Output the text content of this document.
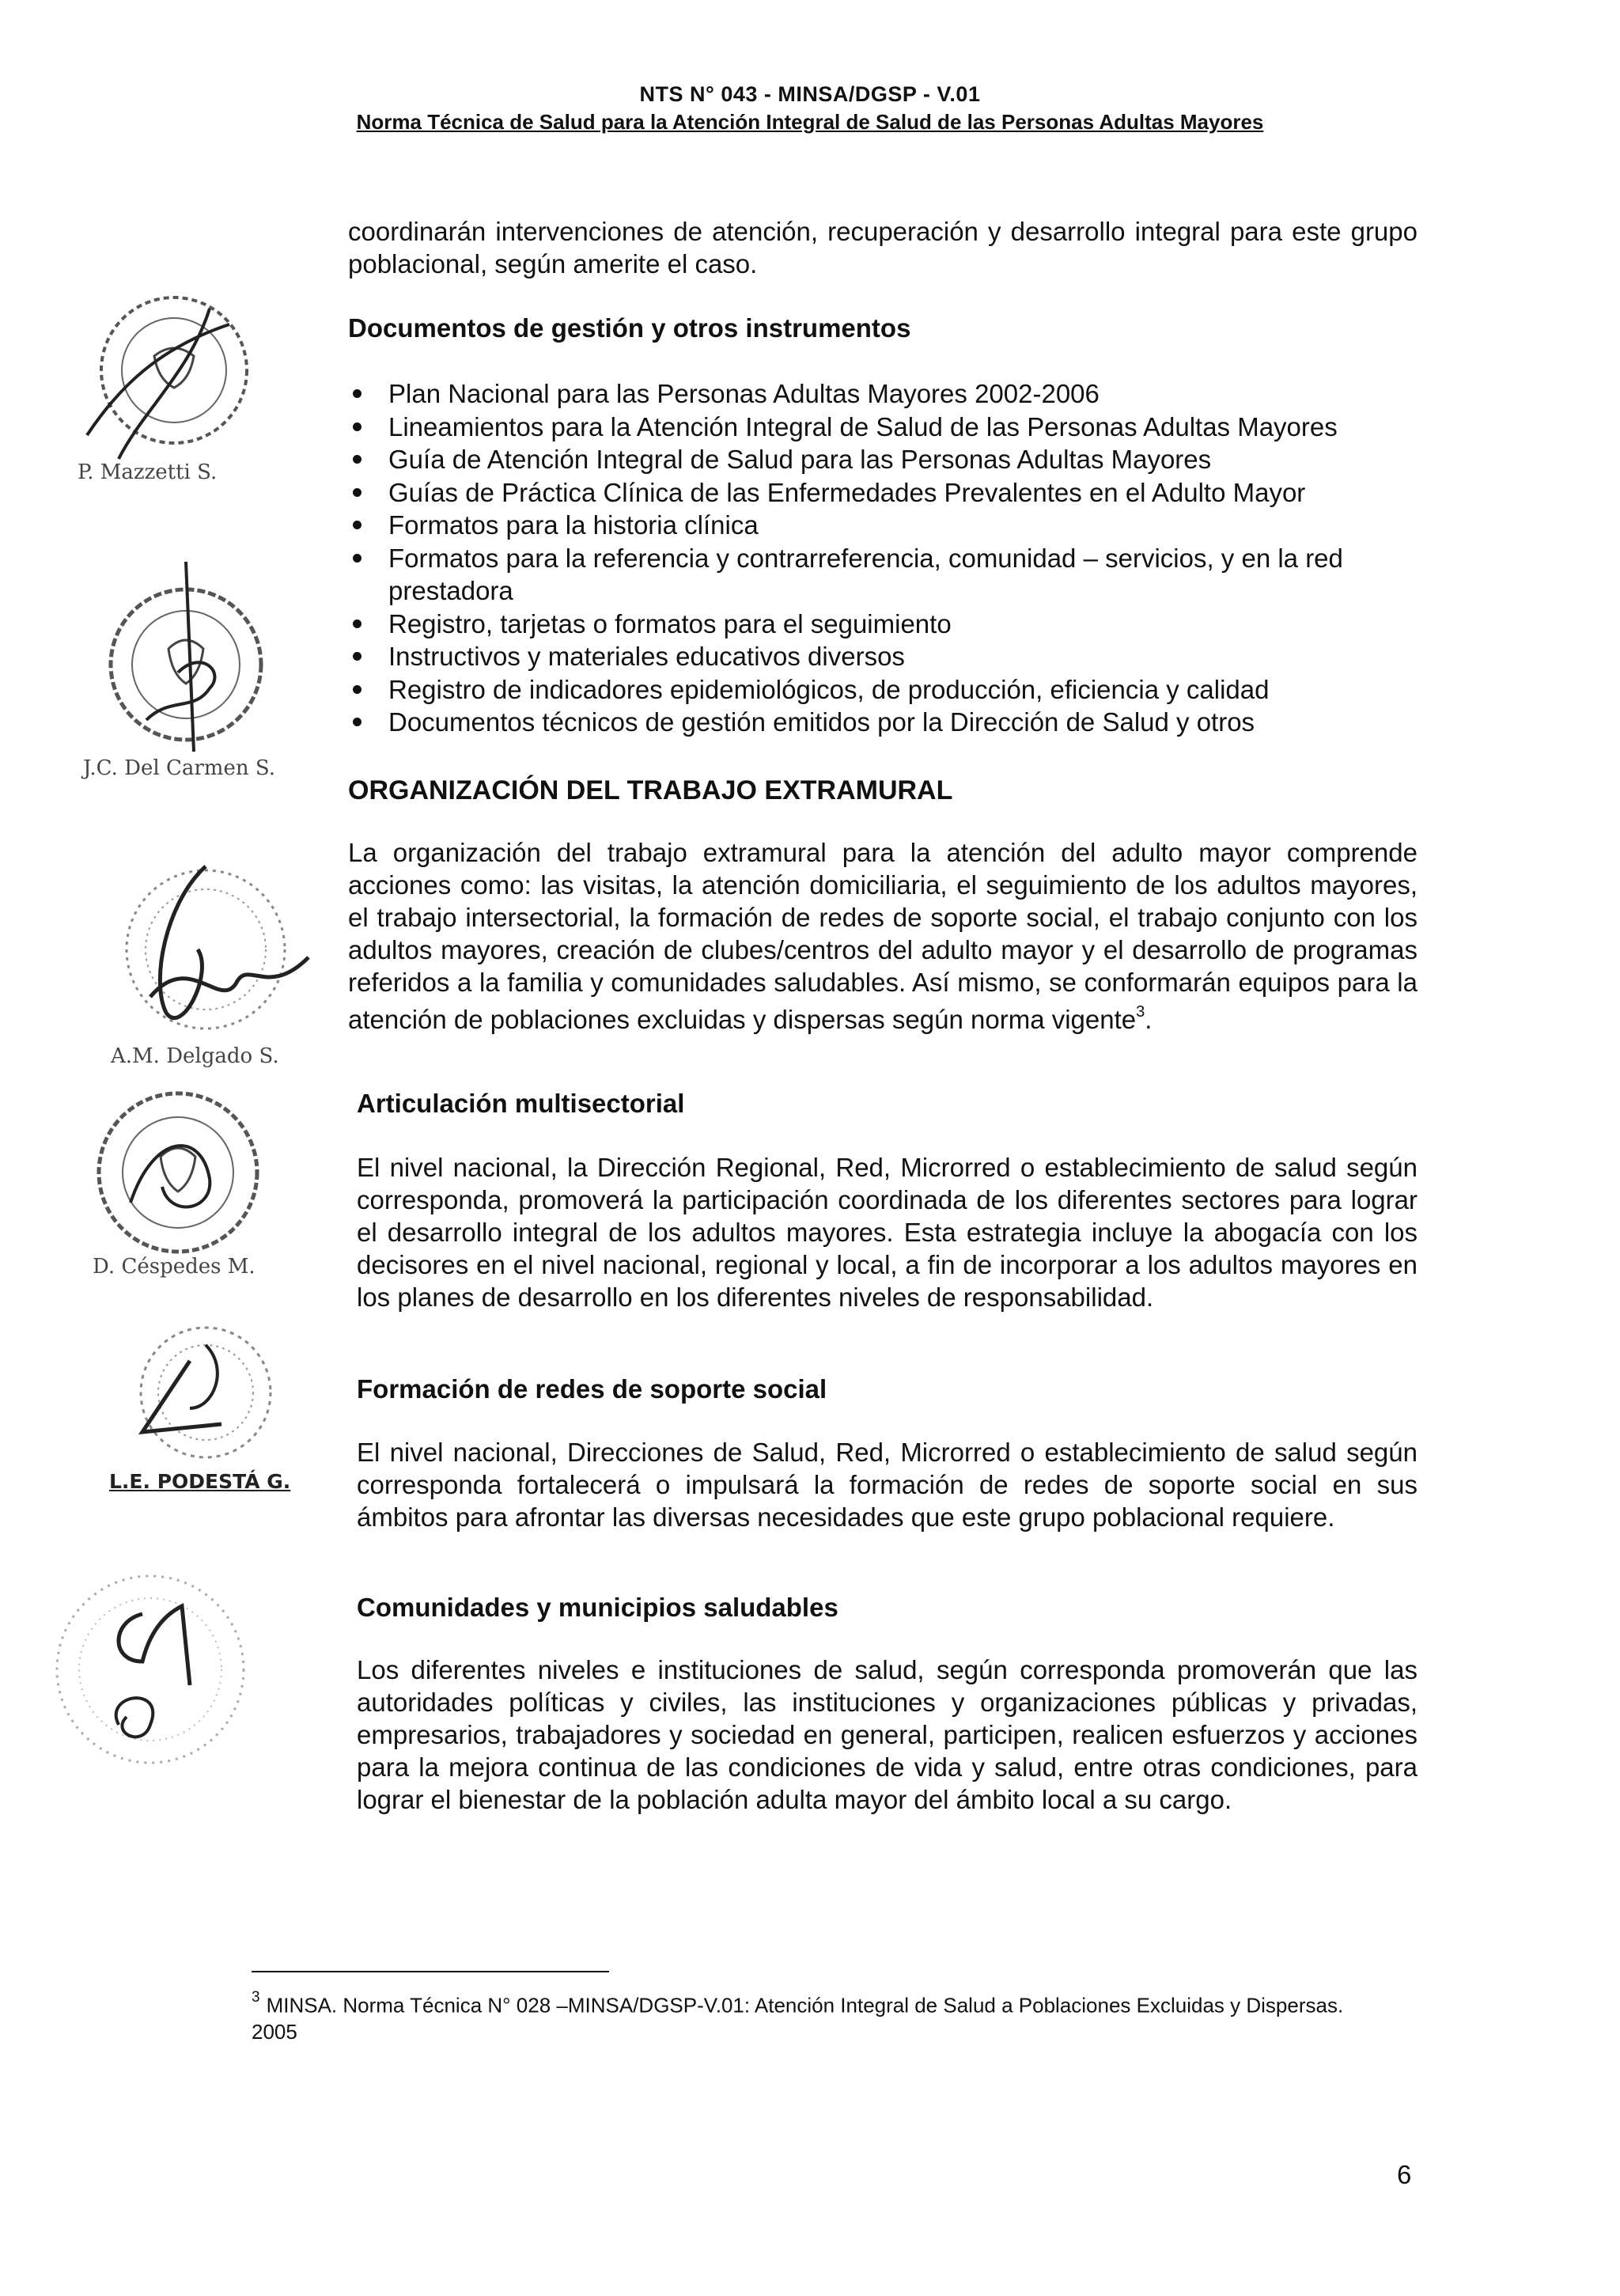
NTS N° 043 - MINSA/DGSP - V.01
Norma Técnica de Salud para la Atención Integral de Salud de las Personas Adultas Mayores
coordinarán intervenciones de atención, recuperación y desarrollo integral para este grupo poblacional, según amerite el caso.
Documentos de gestión y otros instrumentos
Plan Nacional para las Personas Adultas Mayores 2002-2006
Lineamientos para la Atención Integral de Salud de las Personas Adultas Mayores
Guía de Atención Integral de Salud para las Personas Adultas Mayores
Guías de Práctica Clínica de las Enfermedades Prevalentes en el Adulto Mayor
Formatos para la historia clínica
Formatos para la referencia y contrarreferencia, comunidad – servicios, y en la red prestadora
Registro, tarjetas o formatos para el seguimiento
Instructivos y materiales educativos diversos
Registro de indicadores epidemiológicos, de producción, eficiencia y calidad
Documentos técnicos de gestión emitidos por la Dirección de Salud y otros
ORGANIZACIÓN DEL TRABAJO EXTRAMURAL
La organización del trabajo extramural para la atención del adulto mayor comprende acciones como: las visitas, la atención domiciliaria, el seguimiento de los adultos mayores, el trabajo intersectorial, la formación de redes de soporte social, el trabajo conjunto con los adultos mayores, creación de clubes/centros del adulto mayor y el desarrollo de programas referidos a la familia y comunidades saludables. Así mismo, se conformarán equipos para la atención de poblaciones excluidas y dispersas según norma vigente$^3$.
Articulación multisectorial
El nivel nacional, la Dirección Regional, Red, Microrred o establecimiento de salud según corresponda, promoverá la participación coordinada de los diferentes sectores para lograr el desarrollo integral de los adultos mayores. Esta estrategia incluye la abogacía con los decisores en el nivel nacional, regional y local, a fin de incorporar a los adultos mayores en los planes de desarrollo en los diferentes niveles de responsabilidad.
Formación de redes de soporte social
El nivel nacional, Direcciones de Salud, Red, Microrred o establecimiento de salud según corresponda fortalecerá o impulsará la formación de redes de soporte social en sus ámbitos para afrontar las diversas necesidades que este grupo poblacional requiere.
Comunidades y municipios saludables
Los diferentes niveles e instituciones de salud, según corresponda promoverán que las autoridades políticas y civiles, las instituciones y organizaciones públicas y privadas, empresarios, trabajadores y sociedad en general, participen, realicen esfuerzos y acciones para la mejora continua de las condiciones de vida y salud, entre otras condiciones, para lograr el bienestar de la población adulta mayor del ámbito local a su cargo.
$^3$ MINSA. Norma Técnica N° 028 –MINSA/DGSP-V.01: Atención Integral de Salud a Poblaciones Excluidas y Dispersas. 2005
6
P. Mazzetti S.
J.C. Del Carmen S.
A.M. Delgado S.
D. Céspedes M.
L.E. PODESTÁ G.
